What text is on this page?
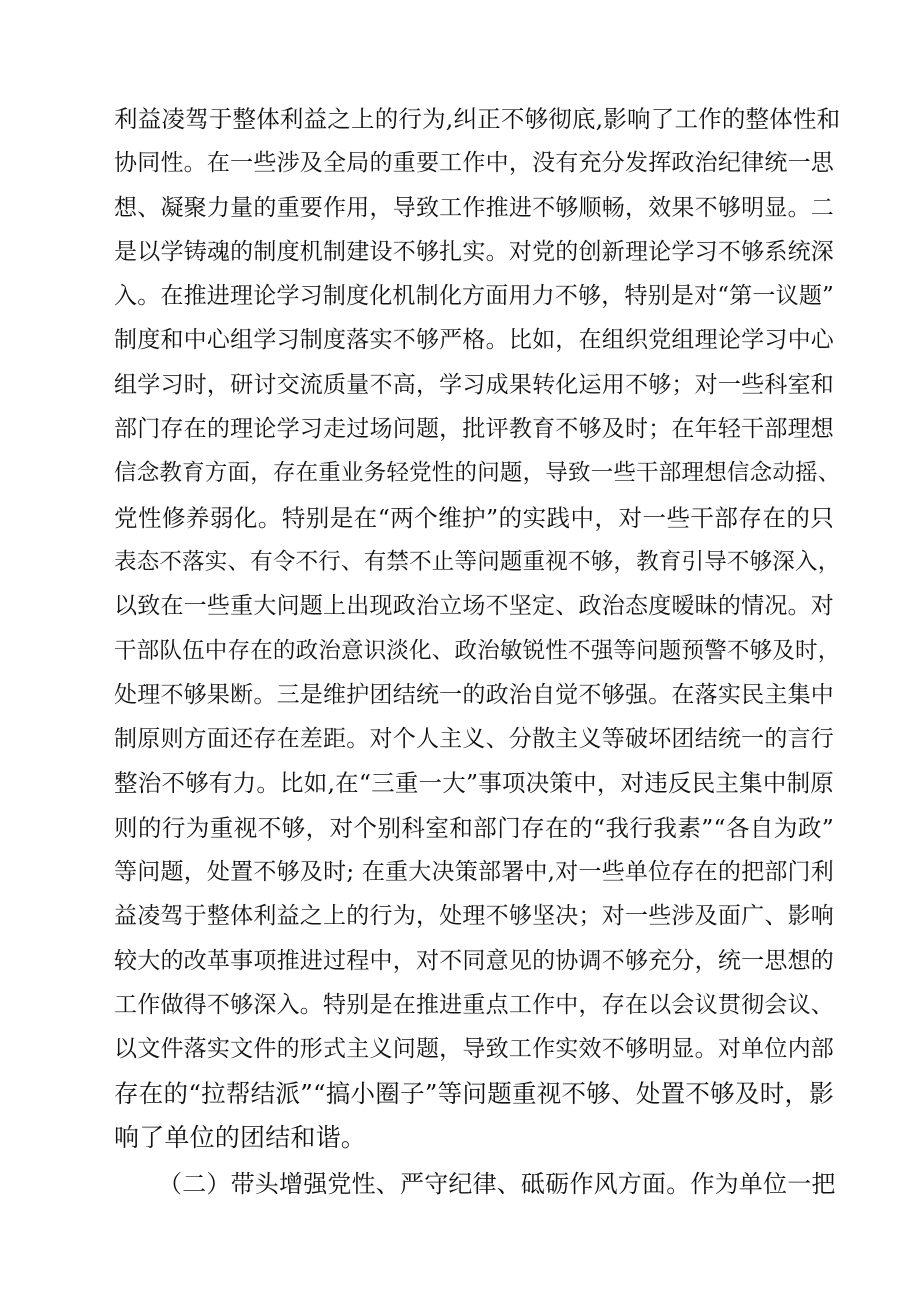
利益凌驾于整体利益之上的行为,纠正不够彻底,影响了工作的整体性和
协同性。在一些涉及全局的重要工作中，没有充分发挥政治纪律统一思
想、凝聚力量的重要作用，导致工作推进不够顺畅，效果不够明显。二
是以学铸魂的制度机制建设不够扎实。对党的创新理论学习不够系统深
入。在推进理论学习制度化机制化方面用力不够，特别是对“第一议题”
制度和中心组学习制度落实不够严格。比如，在组织党组理论学习中心
组学习时，研讨交流质量不高，学习成果转化运用不够；对一些科室和
部门存在的理论学习走过场问题，批评教育不够及时；在年轻干部理想
信念教育方面，存在重业务轻党性的问题，导致一些干部理想信念动摇、
党性修养弱化。特别是在“两个维护”的实践中，对一些干部存在的只
表态不落实、有令不行、有禁不止等问题重视不够，教育引导不够深入，
以致在一些重大问题上出现政治立场不坚定、政治态度暧昧的情况。对
干部队伍中存在的政治意识淡化、政治敏锐性不强等问题预警不够及时，
处理不够果断。三是维护团结统一的政治自觉不够强。在落实民主集中
制原则方面还存在差距。对个人主义、分散主义等破坏团结统一的言行
整治不够有力。比如,在“三重一大”事项决策中，对违反民主集中制原
则的行为重视不够，对个别科室和部门存在的“我行我素”“各自为政”
等问题，处置不够及时; 在重大决策部署中,对一些单位存在的把部门利
益凌驾于整体利益之上的行为，处理不够坚决；对一些涉及面广、影响
较大的改革事项推进过程中，对不同意见的协调不够充分，统一思想的
工作做得不够深入。特别是在推进重点工作中，存在以会议贯彻会议、
以文件落实文件的形式主义问题，导致工作实效不够明显。对单位内部
存在的“拉帮结派”“搞小圈子”等问题重视不够、处置不够及时，影
响了单位的团结和谐。
（二）带头增强党性、严守纪律、砥砺作风方面。作为单位一把
